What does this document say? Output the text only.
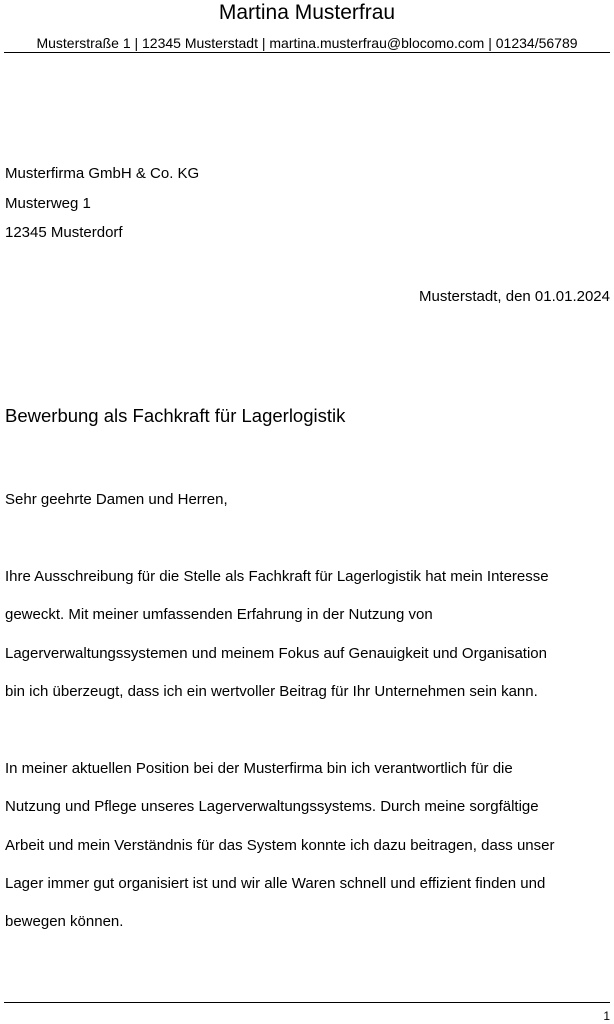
Martina Musterfrau
Musterstraße 1 | 12345 Musterstadt | martina.musterfrau@blocomo.com | 01234/56789
Musterfirma GmbH & Co. KG
Musterweg 1
12345 Musterdorf
Musterstadt, den 01.01.2024
Bewerbung als Fachkraft für Lagerlogistik
Sehr geehrte Damen und Herren,
Ihre Ausschreibung für die Stelle als Fachkraft für Lagerlogistik hat mein Interesse
geweckt. Mit meiner umfassenden Erfahrung in der Nutzung von
Lagerverwaltungssystemen und meinem Fokus auf Genauigkeit und Organisation
bin ich überzeugt, dass ich ein wertvoller Beitrag für Ihr Unternehmen sein kann.
In meiner aktuellen Position bei der Musterfirma bin ich verantwortlich für die
Nutzung und Pflege unseres Lagerverwaltungssystems. Durch meine sorgfältige
Arbeit und mein Verständnis für das System konnte ich dazu beitragen, dass unser
Lager immer gut organisiert ist und wir alle Waren schnell und effizient finden und
bewegen können.
1
